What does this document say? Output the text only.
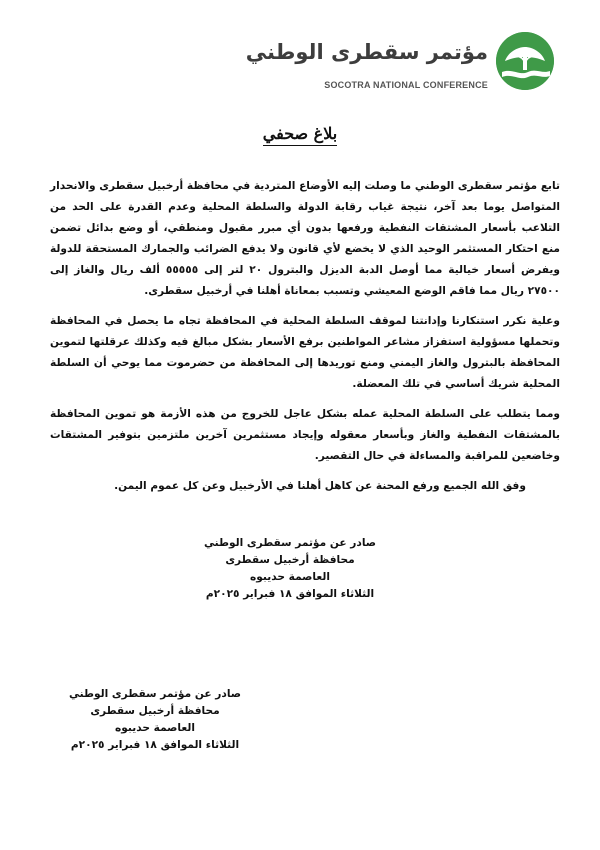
مؤتمر سقطرى الوطني
SOCOTRA NATIONAL CONFERENCE
بلاغ صحفي

تابع مؤتمر سقطرى الوطني ما وصلت إليه الأوضاع المتردية في محافظة أرخبيل سقطرى والانحدار المتواصل يوما بعد آخر، نتيجة غياب رقابة الدولة والسلطة المحلية وعدم القدرة على الحد من التلاعب بأسعار المشتقات النفطية ورفعها بدون أي مبرر مقبول ومنطقي، أو وضع بدائل تضمن منع احتكار المستثمر الوحيد الذي لا يخضع لأي قانون ولا يدفع الضرائب والجمارك المستحقة للدولة ويفرض أسعار خيالية مما أوصل الدبة الديزل والبترول ٢٠ لتر إلى ٥٥٥٥٥ ألف ريال والغاز إلى ٢٧٥٠٠ ريال مما فاقم الوضع المعيشي وتسبب بمعاناة أهلنا في أرخبيل سقطرى.

وعلية نكرر استنكارنا وإدانتنا لموقف السلطة المحلية في المحافظة تجاه ما يحصل في المحافظة وتحملها مسؤولية استفزاز مشاعر المواطنين برفع الأسعار بشكل مبالغ فيه وكذلك عرقلتها لتموين المحافظة بالبترول والغاز اليمني ومنع توريدها إلى المحافظة من حضرموت مما يوحي أن السلطة المحلية شريك أساسي في تلك المعضلة.

ومما يتطلب على السلطة المحلية عمله بشكل عاجل للخروج من هذه الأزمة هو تموين المحافظة بالمشتقات النفطية والغاز وبأسعار معقوله وإيجاد مستثمرين آخرين ملتزمين بتوفير المشتقات وخاضعين للمراقبة والمساءلة في حال التقصير.

وفق الله الجميع ورفع المحنة عن كاهل أهلنا في الأرخبيل وعن كل عموم اليمن.

صادر عن مؤتمر سقطرى الوطني
محافظة أرخبيل سقطرى
العاصمة حديبوه
الثلاثاء الموافق ١٨ فبراير ٢٠٢٥م
صادر عن مؤتمر سقطرى الوطني
محافظة أرخبيل سقطرى
العاصمة حديبوه
الثلاثاء الموافق ١٨ فبراير ٢٠٢٥م
